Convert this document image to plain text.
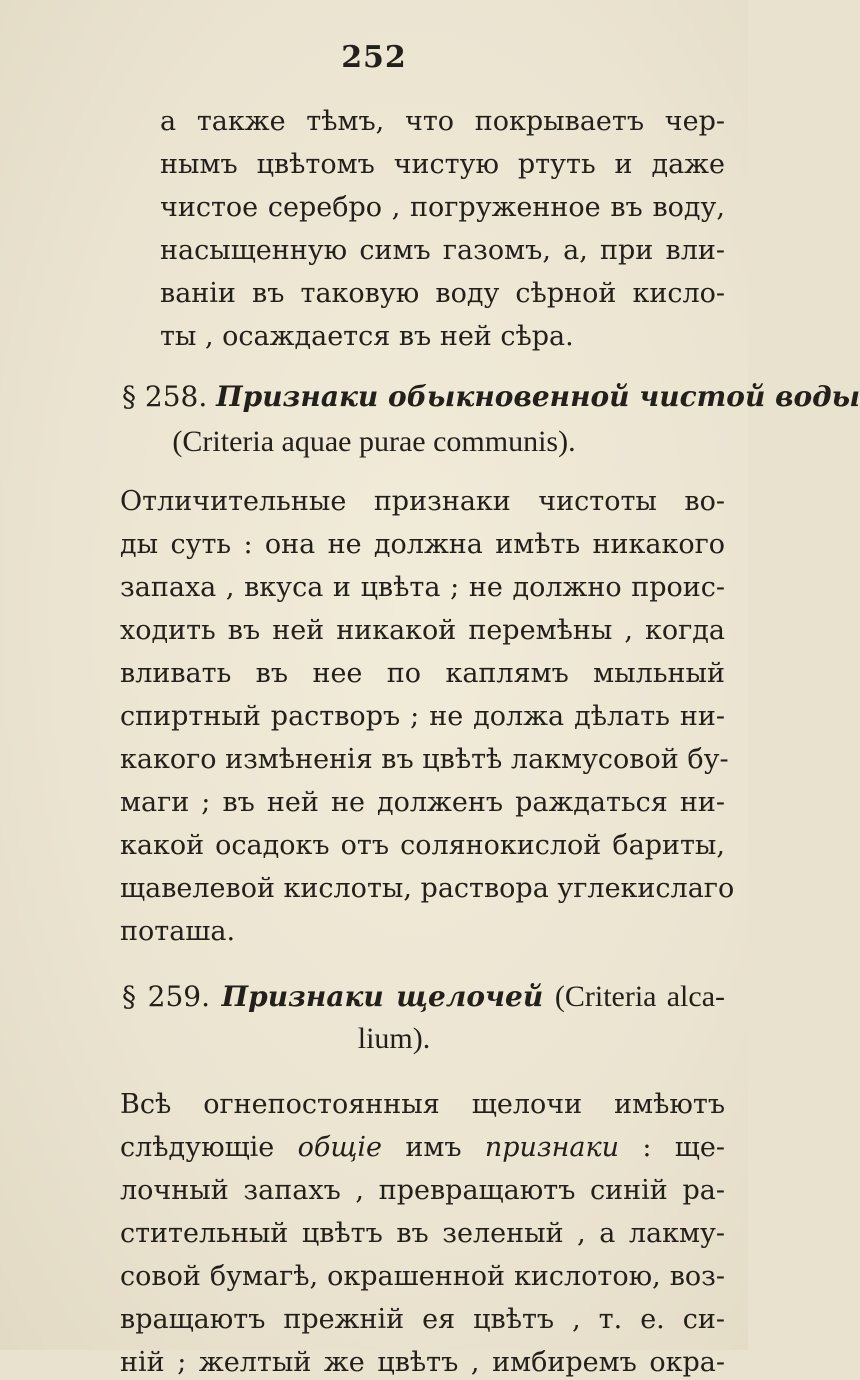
252
а также тѣмъ, что покрываетъ чер-
нымъ цвѣтомъ чистую ртуть и даже
чистое серебро , погруженное въ воду,
насыщенную симъ газомъ, а, при вли-
ваніи въ таковую воду сѣрной кисло-
ты , осаждается въ ней сѣра.
§ 258. Признаки обыкновенной чистой воды
(Criteria aquae purae communis).
Отличительные признаки чистоты во-
ды суть : она не должна имѣть никакого
запаха , вкуса и цвѣта ; не должно проис-
ходить въ ней никакой перемѣны , когда
вливать въ нее по каплямъ мыльный
спиртный растворъ ; не должа дѣлать ни-
какого измѣненія въ цвѣтѣ лакмусовой бу-
маги ; въ ней не долженъ раждаться ни-
какой осадокъ отъ солянокислой бариты,
щавелевой кислоты, раствора углекислаго
поташа.
§ 259. Признаки щелочей (Criteria alca-
lium).
Всѣ огнепостоянныя щелочи имѣютъ
слѣдующіе общіе имъ признаки : ще-
лочный запахъ , превращаютъ синій ра-
стительный цвѣтъ въ зеленый , а лакму-
совой бумагѣ, окрашенной кислотою, воз-
вращаютъ прежній ея цвѣтъ , т. е. си-
ній ; желтый же цвѣтъ , имбиремъ окра-
